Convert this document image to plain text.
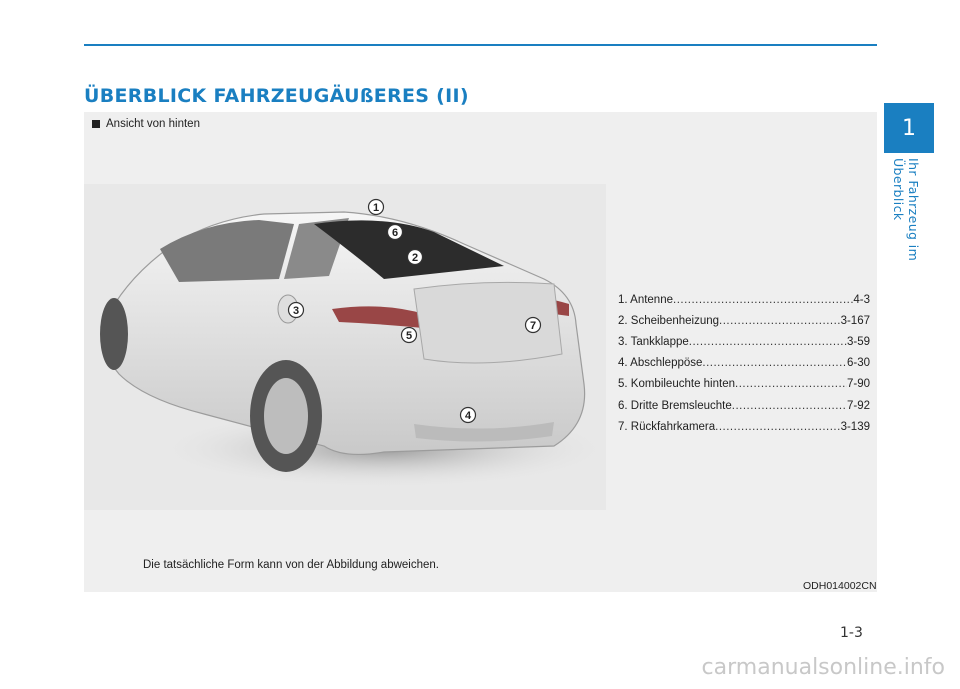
ÜBERBLICK FAHRZEUGÄUßERES (II)
1
Ihr Fahrzeug im Überblick
Ansicht von hinten
1
2
3
4
5
6
7
1. Antenne .....	4-3
2. Scheibenheizung .....	3-167
3. Tankklappe .....	3-59
4. Abschleppöse .....	6-30
5. Kombileuchte hinten .....	7-90
6. Dritte Bremsleuchte .....	7-92
7. Rückfahrkamera .....	3-139
Die tatsächliche Form kann von der Abbildung abweichen.
ODH014002CN
1-3
carmanualsonline.info
